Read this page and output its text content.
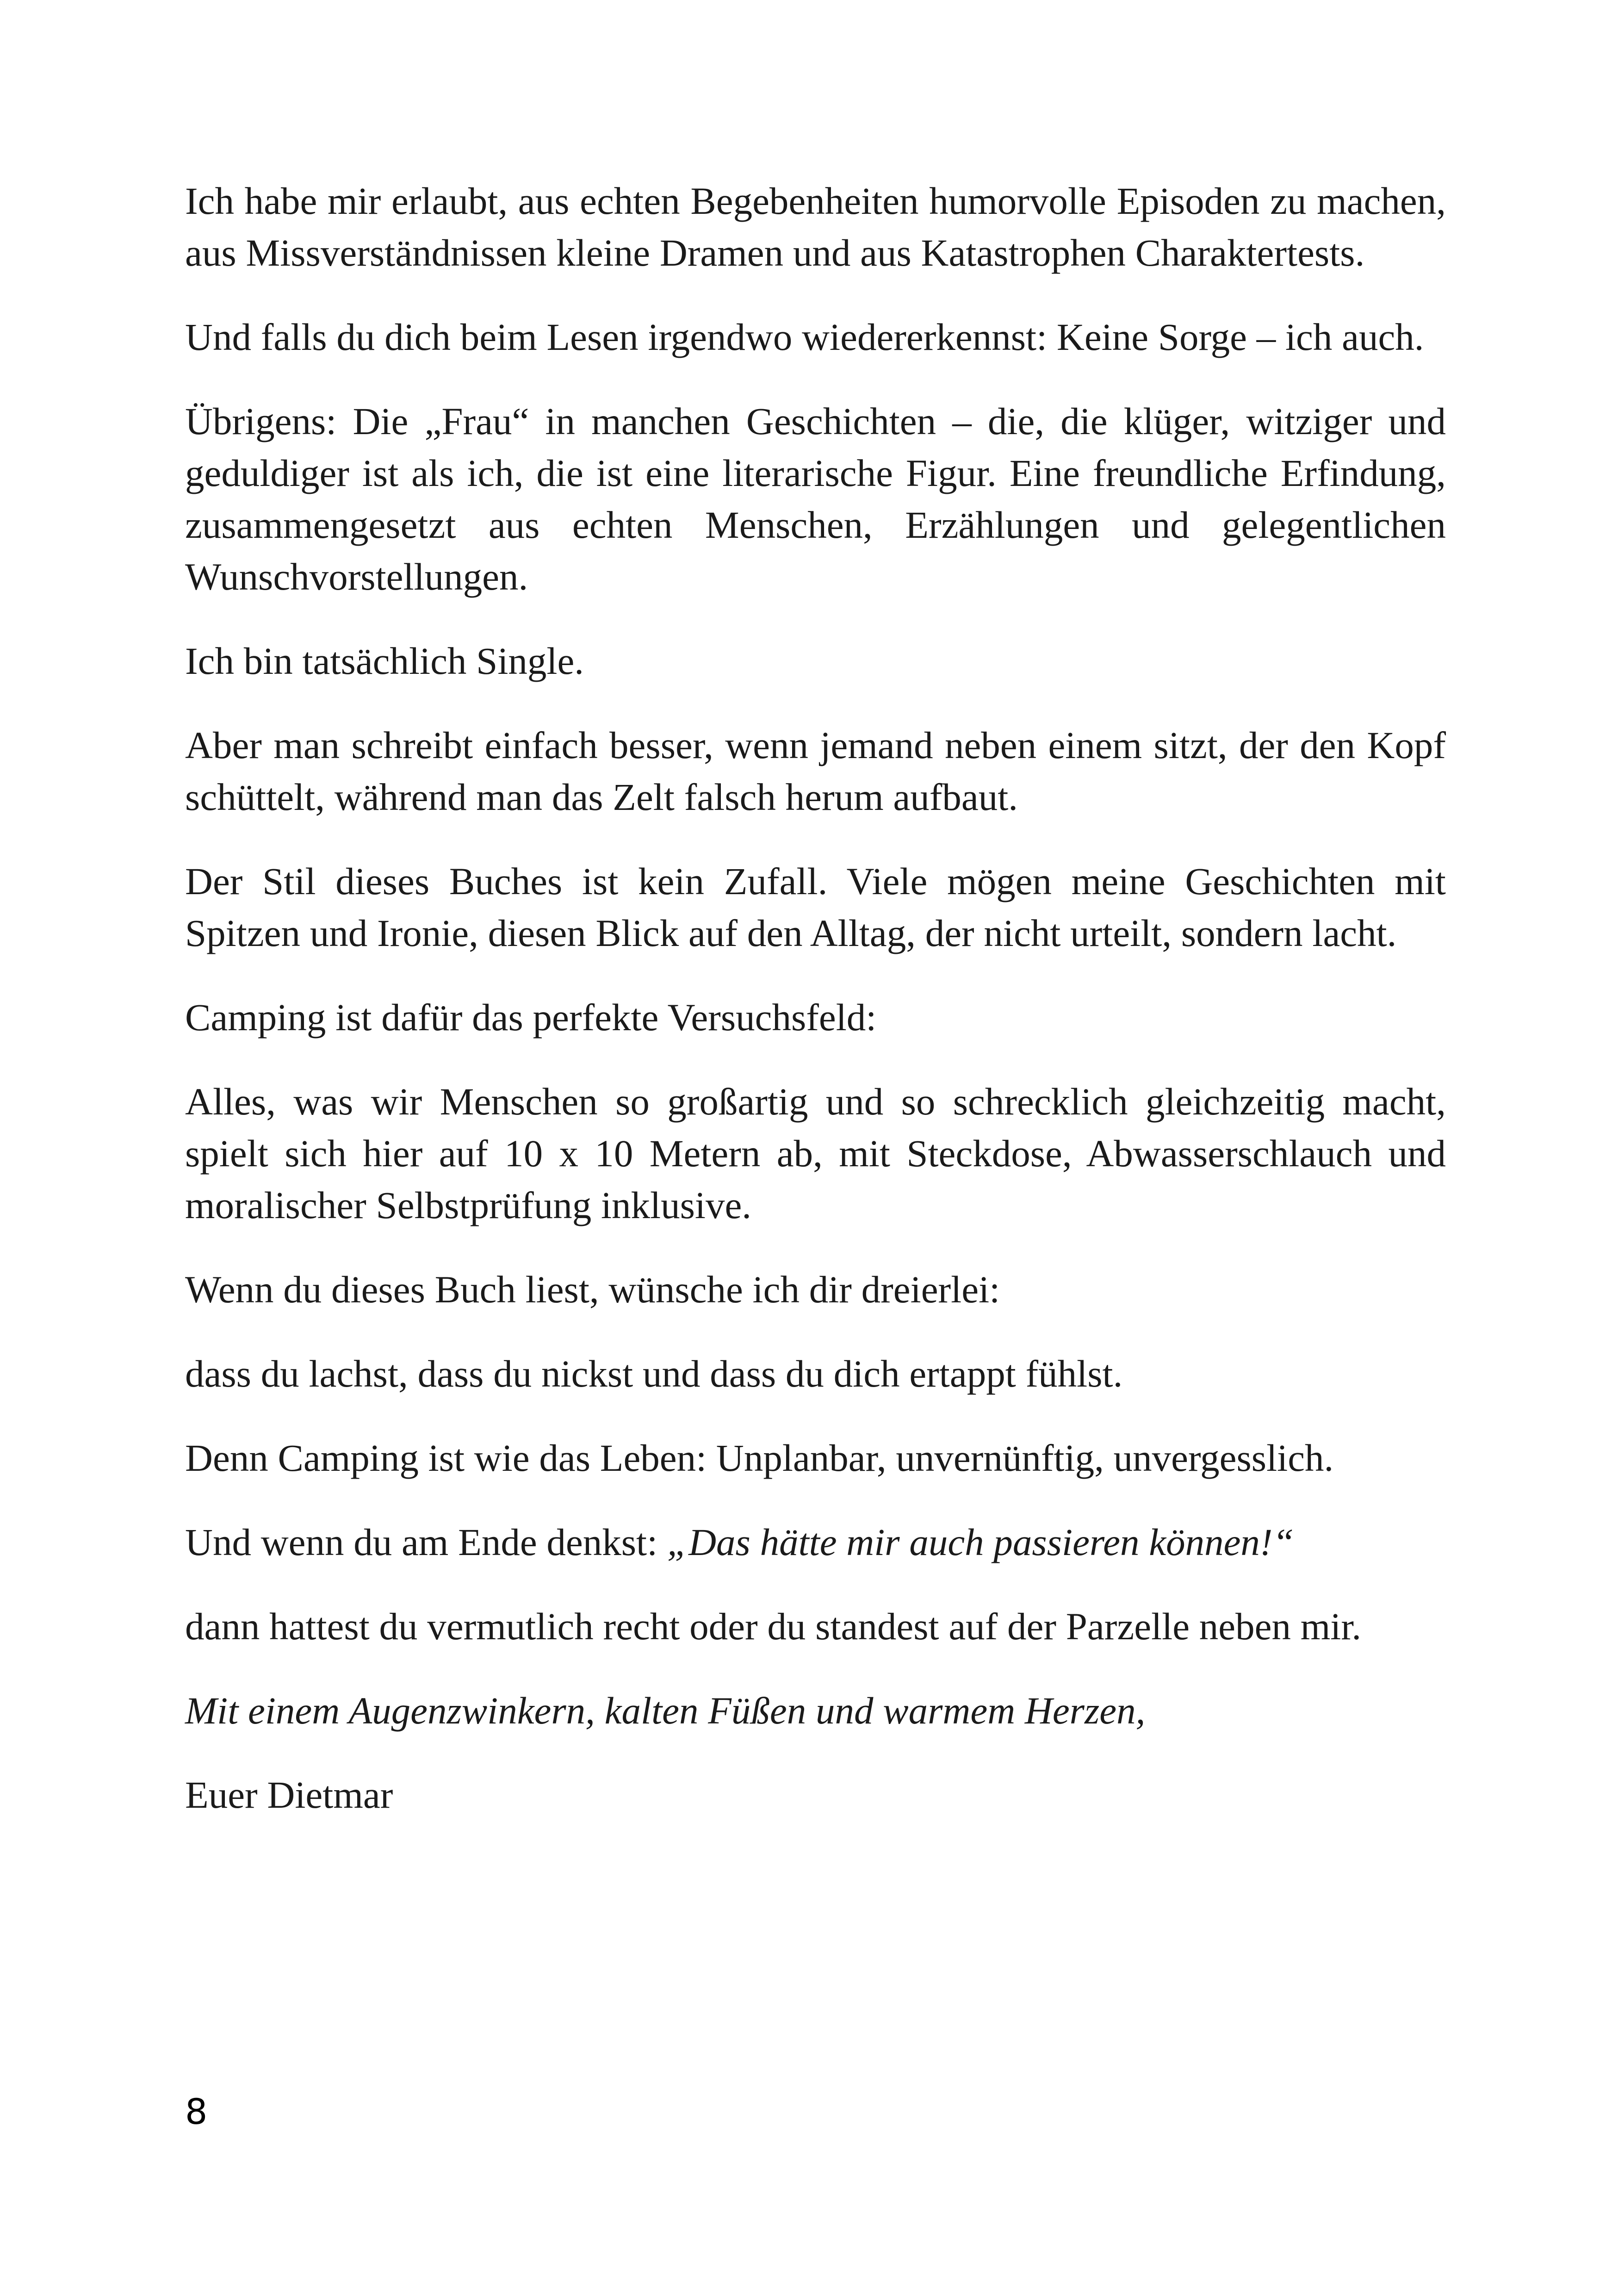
Ich habe mir erlaubt, aus echten Begebenheiten humorvolle Episoden zu machen, aus Missverständnissen kleine Dramen und aus Katastrophen Charaktertests.

Und falls du dich beim Lesen irgendwo wiedererkennst: Keine Sorge – ich auch.

Übrigens: Die „Frau“ in manchen Geschichten – die, die klüger, witziger und geduldiger ist als ich, die ist eine literarische Figur. Eine freundliche Erfindung, zusammengesetzt aus echten Menschen, Erzählungen und gelegentlichen Wunschvorstellungen.

Ich bin tatsächlich Single.

Aber man schreibt einfach besser, wenn jemand neben einem sitzt, der den Kopf schüttelt, während man das Zelt falsch herum aufbaut.

Der Stil dieses Buches ist kein Zufall. Viele mögen meine Geschichten mit Spitzen und Ironie, diesen Blick auf den Alltag, der nicht urteilt, sondern lacht.

Camping ist dafür das perfekte Versuchsfeld:

Alles, was wir Menschen so großartig und so schrecklich gleichzeitig macht, spielt sich hier auf 10 x 10 Metern ab, mit Steckdose, Abwasserschlauch und moralischer Selbstprüfung inklusive.

Wenn du dieses Buch liest, wünsche ich dir dreierlei:

dass du lachst, dass du nickst und dass du dich ertappt fühlst.

Denn Camping ist wie das Leben: Unplanbar, unvernünftig, unvergesslich.

Und wenn du am Ende denkst: „Das hätte mir auch passieren können!“

dann hattest du vermutlich recht oder du standest auf der Parzelle neben mir.

Mit einem Augenzwinkern, kalten Füßen und warmem Herzen,

Euer Dietmar

8
